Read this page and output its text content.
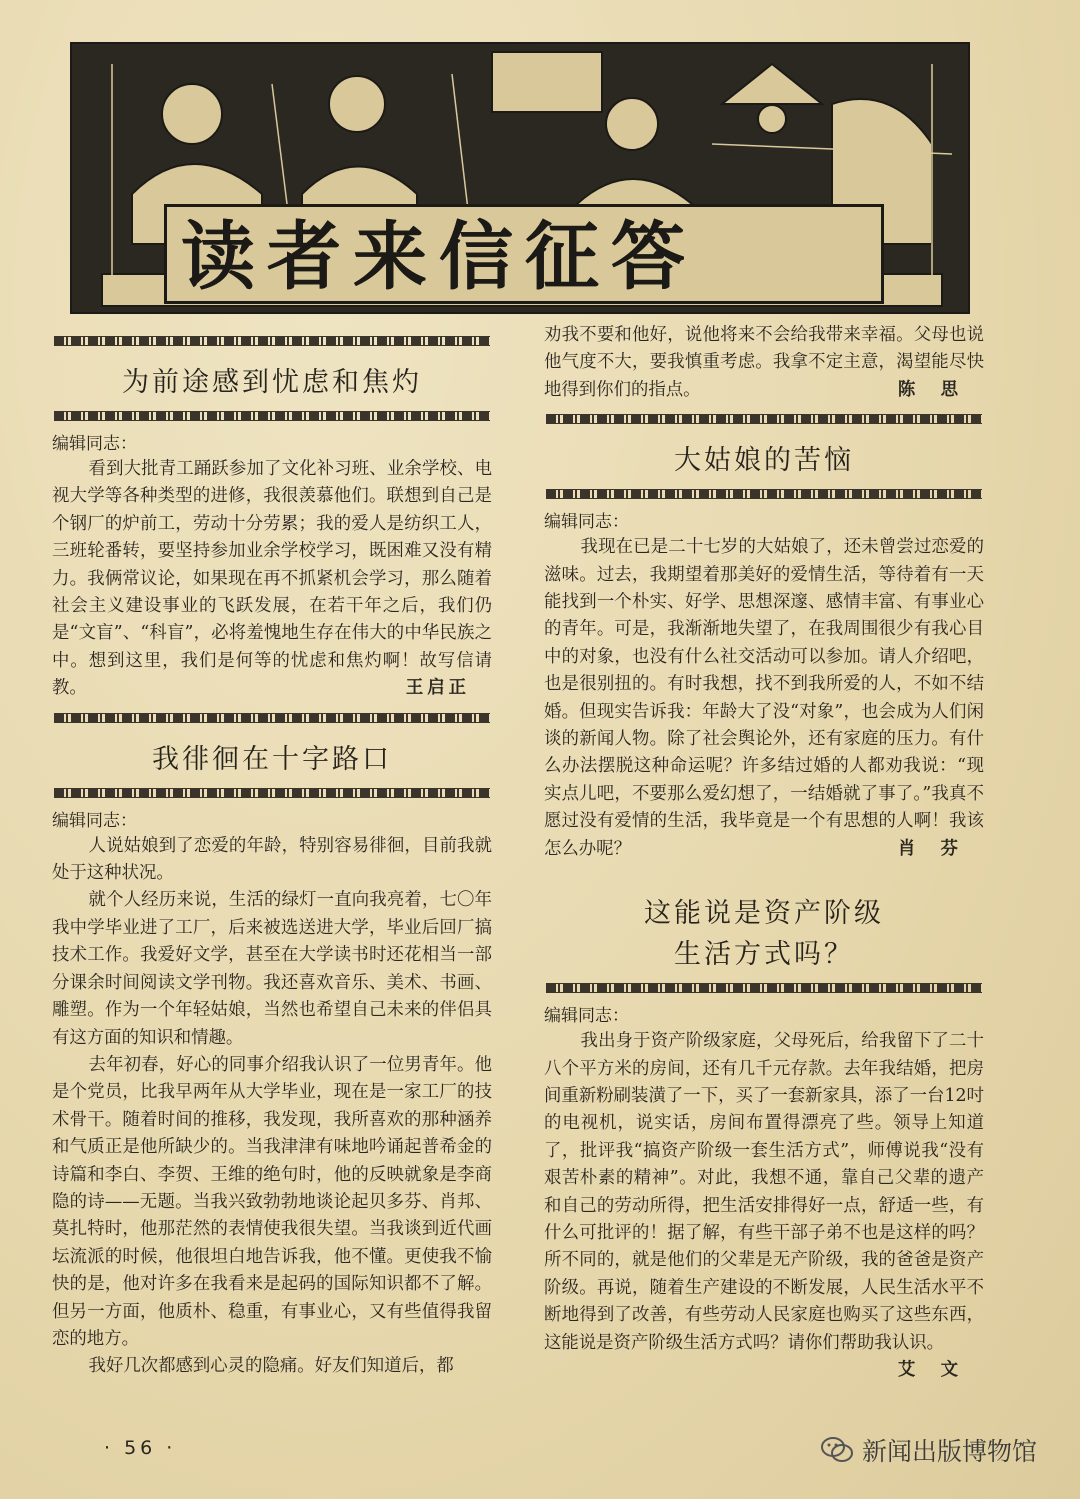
读者来信征答
为前途感到忧虑和焦灼
编辑同志：

看到大批青工踊跃参加了文化补习班、业余学校、电视大学等各种类型的进修，我很羡慕他们。联想到自己是个钢厂的炉前工，劳动十分劳累；我的爱人是纺织工人，三班轮番转，要坚持参加业余学校学习，既困难又没有精力。我俩常议论，如果现在再不抓紧机会学习，那么随着社会主义建设事业的飞跃发展，在若干年之后，我们仍是“文盲”、“科盲”，必将羞愧地生存在伟大的中华民族之中。想到这里，我们是何等的忧虑和焦灼啊！故写信请教。	王启正

我徘徊在十字路口
编辑同志：

人说姑娘到了恋爱的年龄，特别容易徘徊，目前我就处于这种状况。

就个人经历来说，生活的绿灯一直向我亮着，七〇年我中学毕业进了工厂，后来被选送进大学，毕业后回厂搞技术工作。我爱好文学，甚至在大学读书时还花相当一部分课余时间阅读文学刊物。我还喜欢音乐、美术、书画、雕塑。作为一个年轻姑娘，当然也希望自己未来的伴侣具有这方面的知识和情趣。

去年初春，好心的同事介绍我认识了一位男青年。他是个党员，比我早两年从大学毕业，现在是一家工厂的技术骨干。随着时间的推移，我发现，我所喜欢的那种涵养和气质正是他所缺少的。当我津津有味地吟诵起普希金的诗篇和李白、李贺、王维的绝句时，他的反映就象是李商隐的诗——无题。当我兴致勃勃地谈论起贝多芬、肖邦、莫扎特时，他那茫然的表情使我很失望。当我谈到近代画坛流派的时候，他很坦白地告诉我，他不懂。更使我不愉快的是，他对许多在我看来是起码的国际知识都不了解。但另一方面，他质朴、稳重，有事业心，又有些值得我留恋的地方。

我好几次都感到心灵的隐痛。好友们知道后，都

劝我不要和他好，说他将来不会给我带来幸福。父母也说他气度不大，要我慎重考虑。我拿不定主意，渴望能尽快地得到你们的指点。	陈　思

大姑娘的苦恼
编辑同志：

我现在已是二十七岁的大姑娘了，还未曾尝过恋爱的滋味。过去，我期望着那美好的爱情生活，等待着有一天能找到一个朴实、好学、思想深邃、感情丰富、有事业心的青年。可是，我渐渐地失望了，在我周围很少有我心目中的对象，也没有什么社交活动可以参加。请人介绍吧，也是很别扭的。有时我想，找不到我所爱的人，不如不结婚。但现实告诉我：年龄大了没“对象”，也会成为人们闲谈的新闻人物。除了社会舆论外，还有家庭的压力。有什么办法摆脱这种命运呢？许多结过婚的人都劝我说：“现实点儿吧，不要那么爱幻想了，一结婚就了事了。”我真不愿过没有爱情的生活，我毕竟是一个有思想的人啊！我该怎么办呢？	肖　芬

这能说是资产阶级
生活方式吗？
编辑同志：

我出身于资产阶级家庭，父母死后，给我留下了二十八个平方米的房间，还有几千元存款。去年我结婚，把房间重新粉刷装潢了一下，买了一套新家具，添了一台12吋的电视机，说实话，房间布置得漂亮了些。领导上知道了，批评我“搞资产阶级一套生活方式”，师傅说我“没有艰苦朴素的精神”。对此，我想不通，靠自己父辈的遗产和自己的劳动所得，把生活安排得好一点，舒适一些，有什么可批评的！据了解，有些干部子弟不也是这样的吗？所不同的，就是他们的父辈是无产阶级，我的爸爸是资产阶级。再说，随着生产建设的不断发展，人民生活水平不断地得到了改善，有些劳动人民家庭也购买了这些东西，这能说是资产阶级生活方式吗？请你们帮助我认识。
艾　文

· 56 ·	新闻出版博物馆
